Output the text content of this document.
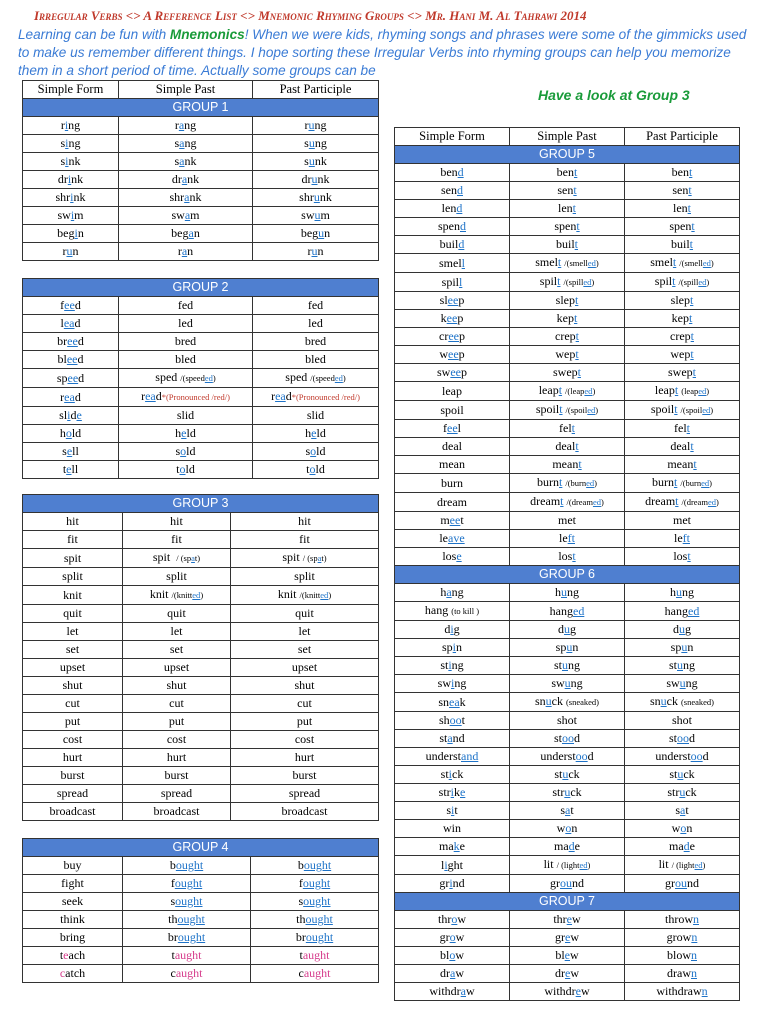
Irregular Verbs <> A Reference List <> Mnemonic Rhyming Groups <> Mr. Hani M. Al Tahrawi 2014
Learning can be fun with Mnemonics! When we were kids, rhyming songs and phrases were some of the gimmicks used to make us remember different things. I hope sorting these Irregular Verbs into rhyming groups can help you memorize them in a short period of time. Actually some groups can be
Have a look at Group 3
Simple Form	Simple Past	Past Participle
GROUP 1		
ring	rang	rung
sing	sang	sung
sink	sank	sunk
drink	drank	drunk
shrink	shrank	shrunk
swim	swam	swum
begin	began	begun
run	ran	run
GROUP 2		
feed	fed	fed
lead	led	led
breed	bred	bred
bleed	bled	bled
speed	sped /(speeded)	sped /(speeded)
read	read*(Pronounced /red/)	read*(Pronounced /red/)
slide	slid	slid
hold	held	held
sell	sold	sold
tell	told	told
GROUP 3		
hit	hit	hit
fit	fit	fit
spit	spit  / (spat)	spit / (spat)
split	split	split
knit	knit /(knitted)	knit /(knitted)
quit	quit	quit
let	let	let
set	set	set
upset	upset	upset
shut	shut	shut
cut	cut	cut
put	put	put
cost	cost	cost
hurt	hurt	hurt
burst	burst	burst
spread	spread	spread
broadcast	broadcast	broadcast
GROUP 4		
buy	bought	bought
fight	fought	fought
seek	sought	sought
think	thought	thought
bring	brought	brought
teach	taught	taught
catch	caught	caught
Simple Form	Simple Past	Past Participle
GROUP 5		
bend	bent	bent
send	sent	sent
lend	lent	lent
spend	spent	spent
build	built	built
smell	smelt /(smelled)	smelt /(smelled)
spill	spilt /(spilled)	spilt /(spilled)
sleep	slept	slept
keep	kept	kept
creep	crept	crept
weep	wept	wept
sweep	swept	swept
leap	leapt /(leaped)	leapt (leaped)
spoil	spoilt /(spoiled)	spoilt /(spoiled)
feel	felt	felt
deal	dealt	dealt
mean	meant	meant
burn	burnt /(burned)	burnt /(burned)
dream	dreamt /(dreamed)	dreamt /(dreamed)
meet	met	met
leave	left	left
lose	lost	lost
GROUP 6		
hang	hung	hung
hang (to kill )	hanged	hanged
dig	dug	dug
spin	spun	spun
sting	stung	stung
swing	swung	swung
sneak	snuck (sneaked)	snuck (sneaked)
shoot	shot	shot
stand	stood	stood
understand	understood	understood
stick	stuck	stuck
strike	struck	struck
sit	sat	sat
win	won	won
make	made	made
light	lit / (lighted)	lit / (lighted)
grind	ground	ground
GROUP 7		
throw	threw	thrown
grow	grew	grown
blow	blew	blown
draw	drew	drawn
withdraw	withdrew	withdrawn
